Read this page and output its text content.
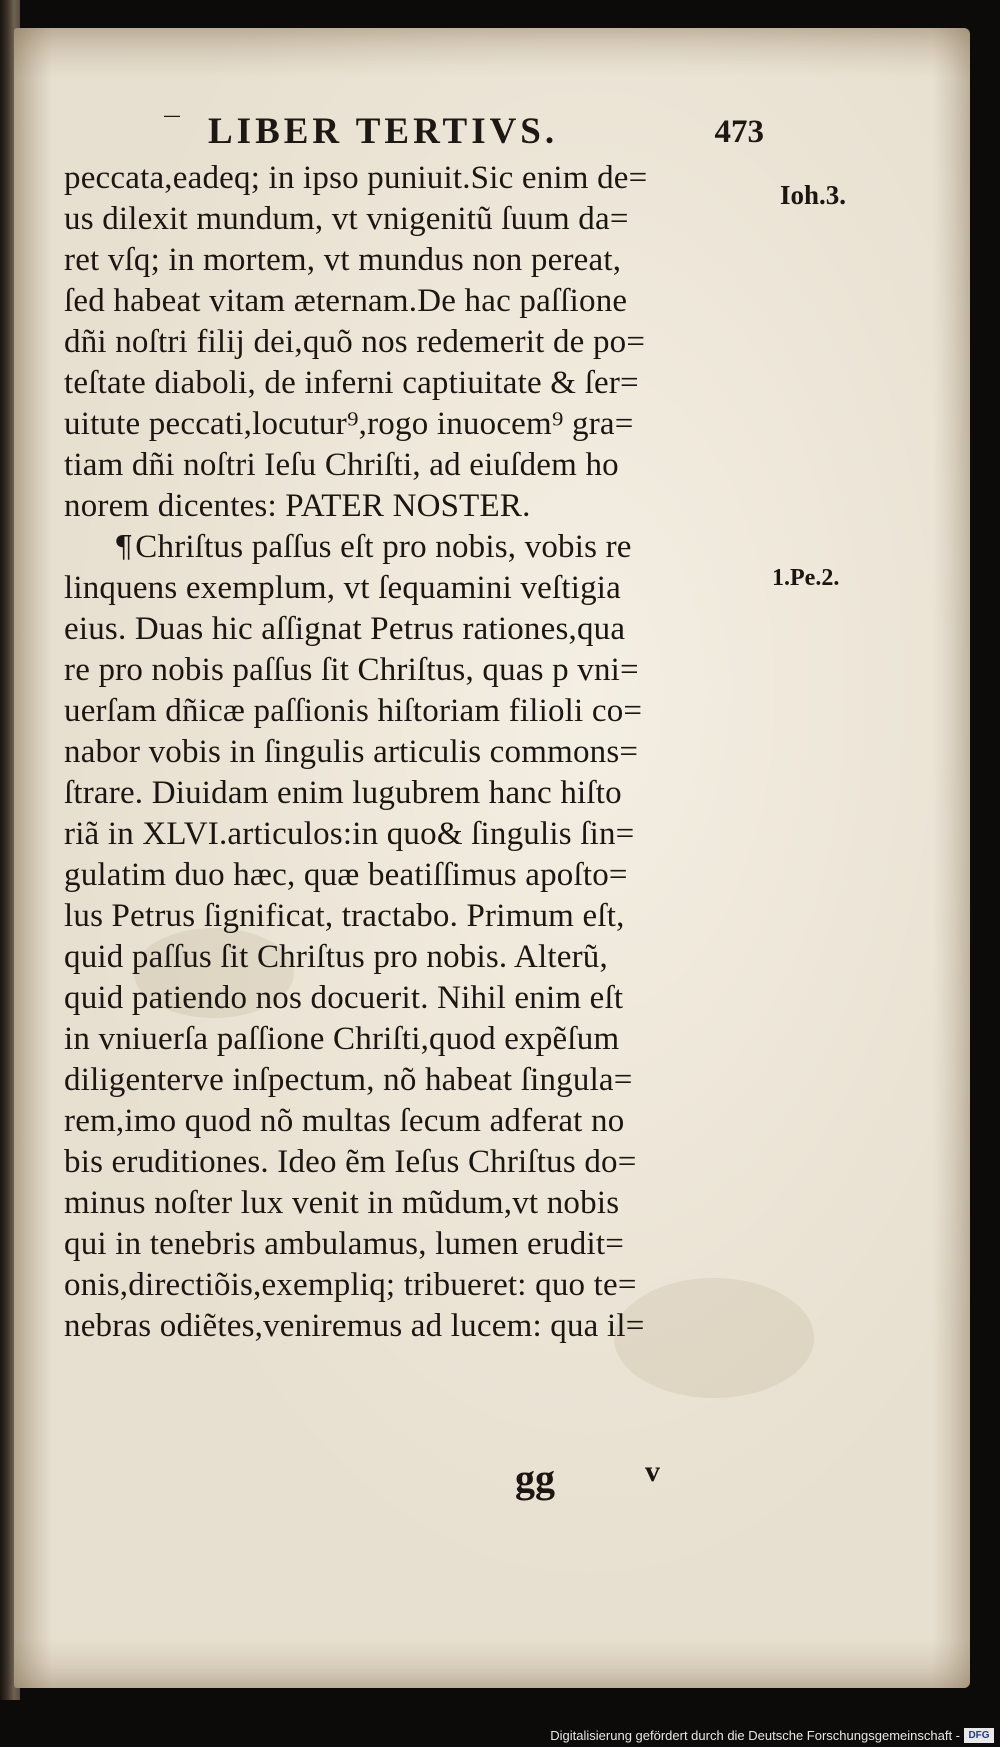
‾ LIBER TERTIVS.	473
Ioh.3.
1.Pe.2.
peccata,eadeq; in ipso puniuit.Sic enim de=
us dilexit mundum, vt vnigenitũ ſuum da=
ret vſq; in mortem, vt mundus non pereat,
ſed habeat vitam æternam.De hac paſſione
dñi noſtri filij dei,quõ nos redemerit de po=
teſtate diaboli, de inferni captiuitate & ſer=
uitute peccati,locutur⁹,rogo inuocem⁹ gra=
tiam dñi noſtri Ieſu Chriſti, ad eiuſdem ho
norem dicentes: PATER NOSTER.
¶Chriſtus paſſus eſt pro nobis, vobis re
linquens exemplum, vt ſequamini veſtigia
eius. Duas hic aſſignat Petrus rationes,qua
re pro nobis paſſus ſit Chriſtus, quas p vni=
uerſam dñicæ paſſionis hiſtoriam filioli co=
nabor vobis in ſingulis articulis commons=
ſtrare. Diuidam enim lugubrem hanc hiſto
riã in XLVI.articulos:in quo& ſingulis ſin=
gulatim duo hæc, quæ beatiſſimus apoſto=
lus Petrus ſignificat, tractabo. Primum eſt,
quid paſſus ſit Chriſtus pro nobis. Alterũ,
quid patiendo nos docuerit. Nihil enim eſt
in vniuerſa paſſione Chriſti,quod expẽſum
diligenterve inſpectum, nõ habeat ſingula=
rem,imo quod nõ multas ſecum adferat no
bis eruditiones. Ideo ẽm Ieſus Chriſtus do=
minus noſter lux venit in mũdum,vt nobis
qui in tenebris ambulamus, lumen erudit=
onis,directiõis,exempliq; tribueret: quo te=
nebras odiẽtes,veniremus ad lucem: qua il=
gg	v
Digitalisierung gefördert durch die Deutsche Forschungsgemeinschaft - DFG
